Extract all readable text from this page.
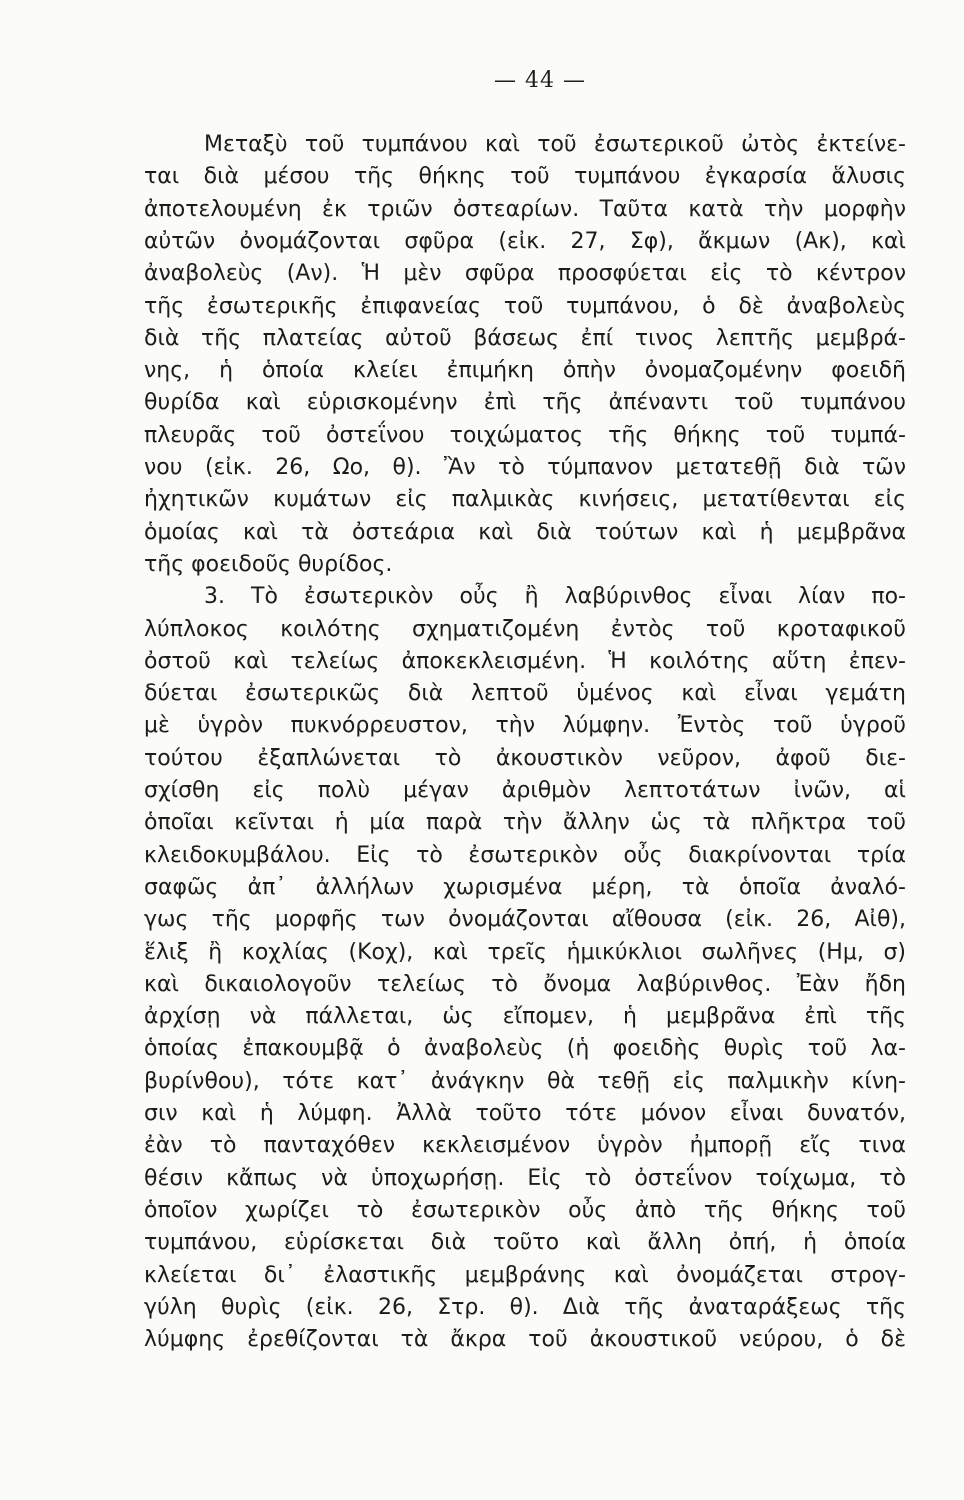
— 44 —
Μεταξὺ τοῦ τυμπάνου καὶ τοῦ ἐσωτερικοῦ ὠτὸς ἐκτείνε-
ται διὰ μέσου τῆς θήκης τοῦ τυμπάνου ἐγκαρσία ἅλυσις
ἀποτελουμένη ἐκ τριῶν ὀστεαρίων. Ταῦτα κατὰ τὴν μορφὴν
αὐτῶν ὀνομάζονται σφῦρα (εἰκ. 27, Σφ), ἄκμων (Ακ), καὶ
ἀναβολεὺς (Αν). Ἡ μὲν σφῦρα προσφύεται εἰς τὸ κέντρον
τῆς ἐσωτερικῆς ἐπιφανείας τοῦ τυμπάνου, ὁ δὲ ἀναβολεὺς
διὰ τῆς πλατείας αὐτοῦ βάσεως ἐπί τινος λεπτῆς μεμβρά-
νης, ἡ ὁποία κλείει ἐπιμήκη ὀπὴν ὀνομαζομένην φοειδῆ
θυρίδα καὶ εὑρισκομένην ἐπὶ τῆς ἀπέναντι τοῦ τυμπάνου
πλευρᾶς τοῦ ὀστεΐνου τοιχώματος τῆς θήκης τοῦ τυμπά-
νου (εἰκ. 26, Ωο, θ). Ἂν τὸ τύμπανον μετατεθῇ διὰ τῶν
ἠχητικῶν κυμάτων εἰς παλμικὰς κινήσεις, μετατίθενται εἰς
ὁμοίας καὶ τὰ ὀστεάρια καὶ διὰ τούτων καὶ ἡ μεμβρᾶνα
τῆς φοειδοῦς θυρίδος.
3. Τὸ ἐσωτερικὸν οὖς ἢ λαβύρινθος εἶναι λίαν πο-
λύπλοκος κοιλότης σχηματιζομένη ἐντὸς τοῦ κροταφικοῦ
ὀστοῦ καὶ τελείως ἀποκεκλεισμένη. Ἡ κοιλότης αὕτη ἐπεν-
δύεται ἐσωτερικῶς διὰ λεπτοῦ ὑμένος καὶ εἶναι γεμάτη
μὲ ὑγρὸν πυκνόρρευστον, τὴν λύμφην. Ἐντὸς τοῦ ὑγροῦ
τούτου ἐξαπλώνεται τὸ ἀκουστικὸν νεῦρον, ἀφοῦ διε-
σχίσθη εἰς πολὺ μέγαν ἀριθμὸν λεπτοτάτων ἰνῶν, αἱ
ὁποῖαι κεῖνται ἡ μία παρὰ τὴν ἄλλην ὡς τὰ πλῆκτρα τοῦ
κλειδοκυμβάλου. Εἰς τὸ ἐσωτερικὸν οὖς διακρίνονται τρία
σαφῶς ἀπ᾽ ἀλλήλων χωρισμένα μέρη, τὰ ὁποῖα ἀναλό-
γως τῆς μορφῆς των ὀνομάζονται αἴθουσα (εἰκ. 26, Αἰθ),
ἕλιξ ἢ κοχλίας (Κοχ), καὶ τρεῖς ἡμικύκλιοι σωλῆνες (Ημ, σ)
καὶ δικαιολογοῦν τελείως τὸ ὄνομα λαβύρινθος. Ἐὰν ἤδη
ἀρχίσῃ νὰ πάλλεται, ὡς εἴπομεν, ἡ μεμβρᾶνα ἐπὶ τῆς
ὁποίας ἐπακουμβᾷ ὁ ἀναβολεὺς (ἡ φοειδὴς θυρὶς τοῦ λα-
βυρίνθου), τότε κατ᾽ ἀνάγκην θὰ τεθῇ εἰς παλμικὴν κίνη-
σιν καὶ ἡ λύμφη. Ἀλλὰ τοῦτο τότε μόνον εἶναι δυνατόν,
ἐὰν τὸ πανταχόθεν κεκλεισμένον ὑγρὸν ἠμπορῇ εἴς τινα
θέσιν κἄπως νὰ ὑποχωρήσῃ. Εἰς τὸ ὀστεΐνον τοίχωμα, τὸ
ὁποῖον χωρίζει τὸ ἐσωτερικὸν οὖς ἀπὸ τῆς θήκης τοῦ
τυμπάνου, εὑρίσκεται διὰ τοῦτο καὶ ἄλλη ὀπή, ἡ ὁποία
κλείεται δι᾽ ἐλαστικῆς μεμβράνης καὶ ὀνομάζεται στρογ-
γύλη θυρὶς (εἰκ. 26, Στρ. θ). Διὰ τῆς ἀναταράξεως τῆς
λύμφης ἐρεθίζονται τὰ ἄκρα τοῦ ἀκουστικοῦ νεύρου, ὁ δὲ
